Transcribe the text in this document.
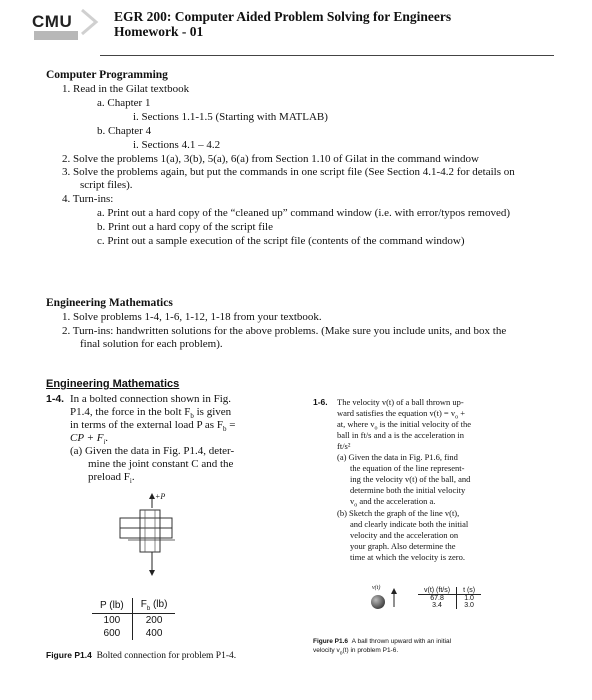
CMU	EGR 200: Computer Aided Problem Solving for Engineers
Homework - 01
Computer Programming
1. Read in the Gilat textbook
a. Chapter 1
i. Sections 1.1-1.5 (Starting with MATLAB)
b. Chapter 4
i. Sections 4.1 – 4.2
2. Solve the problems 1(a), 3(b), 5(a), 6(a) from Section 1.10 of Gilat in the command window
3. Solve the problems again, but put the commands in one script file (See Section 4.1-4.2 for details on
script files).
4. Turn-ins:
a. Print out a hard copy of the “cleaned up” command window (i.e. with error/typos removed)
b. Print out a hard copy of the script file
c. Print out a sample execution of the script file (contents of the command window)
Engineering Mathematics
1. Solve problems 1-4, 1-6, 1-12, 1-18 from your textbook.
2. Turn-ins: handwritten solutions for the above problems. (Make sure you include units, and box the
final solution for each problem).
Engineering Mathematics
1-4. In a bolted connection shown in Fig.
P1.4, the force in the bolt $F_b$ is given
in terms of the external load P as $F_b$ =
CP + $F_i$.
(a) Given the data in Fig. P1.4, deter-
mine the joint constant C and the
preload $F_i$.
+P
P (lb)	$F_b$ (lb)
100	200
600	400
Figure P1.4 Bolted connection for problem P1-4.
1-6. The velocity v(t) of a ball thrown up-
ward satisfies the equation $v(t) = v_o$ +
at, where $v_o$ is the initial velocity of the
ball in ft/s and a is the acceleration in
ft/s²
(a) Given the data in Fig. P1.6, find
the equation of the line represent-
ing the velocity v(t) of the ball, and
determine both the initial velocity
$v_o$ and the acceleration a.
(b) Sketch the graph of the line v(t),
and clearly indicate both the initial
velocity and the acceleration on
your graph. Also determine the
time at which the velocity is zero.
v(t)	v(t) (ft/s)	t (s)
67.8	1.0
3.4	3.0
Figure P1.6 A ball thrown upward with an initial
velocity $v_o(t)$ in problem P1-6.
